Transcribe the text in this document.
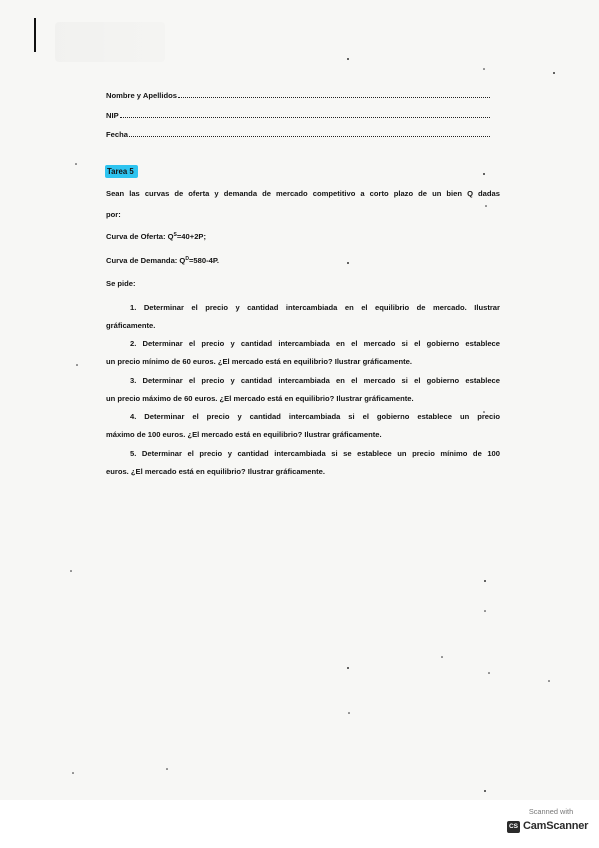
Nombre y Apellidos
NIP
Fecha
Tarea 5
Sean las curvas de oferta y demanda de mercado competitivo a corto plazo de un bien Q dadas
por:
Curva de Oferta: $Q^S=40+2P$;
Curva de Demanda: $Q^D=580-4P$.
Se pide:
1. Determinar el precio y cantidad intercambiada en el equilibrio de mercado. Ilustrar
gráficamente.
2. Determinar el precio y cantidad intercambiada en el mercado si el gobierno establece
un precio mínimo de 60 euros. ¿El mercado está en equilibrio? Ilustrar gráficamente.
3. Determinar el precio y cantidad intercambiada en el mercado si el gobierno establece
un precio máximo de 60 euros. ¿El mercado está en equilibrio? Ilustrar gráficamente.
4. Determinar el precio y cantidad intercambiada si el gobierno establece un precio
máximo de 100 euros. ¿El mercado está en equilibrio? Ilustrar gráficamente.
5. Determinar el precio y cantidad intercambiada si se establece un precio mínimo de 100
euros. ¿El mercado está en equilibrio? Ilustrar gráficamente.
Scanned with
CS CamScanner
